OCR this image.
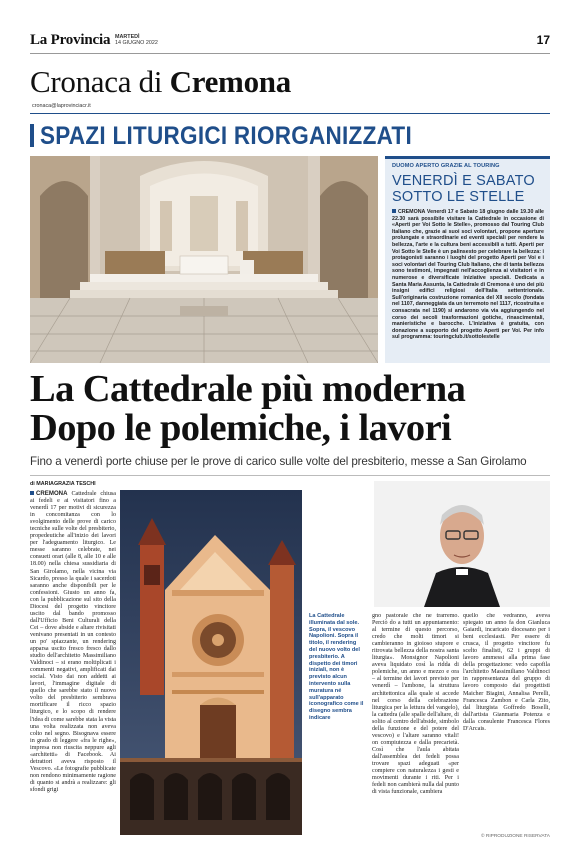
La Provincia MARTEDÌ
14 GIUGNO 2022	17
Cronaca di Cremona
cronaca@laprovinciacr.it
SPAZI LITURGICI RIORGANIZZATI
DUOMO APERTO GRAZIE AL TOURING
VENERDÌ E SABATO
SOTTO LE STELLE
CREMONA Venerdì 17 e Sabato 18 giugno dalle 19.30 alle 22.30 sarà possibile visitare la Cattedrale in occasione di «Aperti per Voi Sotto le Stelle», promosso dal Touring Club Italiano che, grazie ai suoi soci volontari, propone aperture prolungate e straordinarie ed eventi speciali per rendere la bellezza, l'arte e la cultura beni accessibili a tutti. Aperti per Voi Sotto le Stelle è un palinsesto per celebrare la bellezza: i protagonisti saranno i luoghi del progetto Aperti per Voi e i soci volontari del Touring Club Italiano, che di tanta bellezza sono testimoni, impegnati nell'accoglienza ai visitatori e in numerose e diversificate iniziative speciali. Dedicata a Santa Maria Assunta, la Cattedrale di Cremona è uno dei più insigni edifici religiosi dell'Italia settentrionale. Sull'originaria costruzione romanica del XII secolo (fondata nel 1107, danneggiata da un terremoto nel 1117, ricostruita e consacrata nel 1190) si andarono via via aggiungendo nel corso dei secoli trasformazioni gotiche, rinascimentali, manieristiche e barocche. L'iniziativa è gratuita, con donazione a supporto del progetto Aperti per Voi. Per info sul programma: touringclub.it/sottolestelle
La Cattedrale più moderna
Dopo le polemiche, i lavori
Fino a venerdì porte chiuse per le prove di carico sulle volte del presbiterio, messe a San Girolamo
di MARIAGRAZIA TESCHI
CREMONA Cattedrale chiusa ai fedeli e ai visitatori fino a venerdì 17 per motivi di sicurezza in concomitanza con lo svolgimento delle prove di carico tecniche sulle volte del presbiterio, propedeutiche all'inizio dei lavori per l'adeguamento liturgico. Le messe saranno celebrate, nei consueti orari (alle 8, alle 10 e alle 18.00) nella chiesa sussidiaria di San Girolamo, nella vicina via Sicardo, presso la quale i sacerdoti saranno anche disponibili per le confessioni. Giusto un anno fa, con la pubblicazione sul sito della Diocesi del progetto vincitore uscito dal bando promosso dall'Ufficio Beni Culturali della Cei – dove abside e altare rivisitati venivano presentati in un contesto un po' spiazzante, un rendering apparsa uscito fresco fresco dallo studio dell'architetto Massimiliano Valdinoci – si erano moltiplicati i commenti negativi, amplificati dai social. Visto dai non addetti ai lavori, l'immagine digitale di quello che sarebbe stato il nuovo volto del presbiterio sembrava mortificare il ricco spazio liturgico, e lo scopo di rendere l'idea di come sarebbe stata la vista una volta realizzata non aveva colto nel segno. Bisognava essere in grado di leggere «fra le righe», impresa non riuscita neppure agli «architetti» di Facebook. Ai detrattori aveva risposto il Vescovo. «Le fotografie pubblicate non rendono minimamente ragione di quanto si andrà a realizzare: gli sfondi grigi
gno pastorale che ne trarremo. Perciò do a tutti un appuntamento: al termine di questo percorso, credo che molti timori si cambieranno in gioioso stupore e ritrovata bellezza della nostra santa liturgia». Monsignor Napolioni aveva liquidato così la ridda di polemiche, un anno e mezzo e ora – al termine dei lavori previsto per venerdì – l'ambone, la struttura architettonica alla quale si accede nel corso della celebrazione liturgica per la lettura del vangelo), la cattedra (alle spalle dell'altare, di solito al centro dell'abside, simbolo della funzione e del potere del vescovo) e l'altare saranno vitali! on compiutezza e dalla precarietà. Così che l'aula abitata dall'assemblea dei fedeli possa trovare spazi adeguati «per compiere con naturalezza i gesti e movimenti durante i riti. Per i fedeli non cambierà nulla dal punto di vista funzionale, cambiera
La Cattedrale illuminata dal sole. Sopra, il vescovo Napolioni. Sopra il titolo, il rendering del nuovo volto del presbiterio. A dispetto dei timori iniziali, non è previsto alcun intervento sulla muratura né sull'apparato iconografico come il disegno sembra indicare
quello che vedranno, aveva spiegato un anno fa don Gianluca Gaiardi, incaricato diocesano per i beni ecclesiasti. Per essere di crusca, il progetto vincitore fu scelto finalisti, 62 i gruppi di lavoro ammessi alla prima fase della progettazione: vedo capofila l'architetto Massimiliano Valdinoci in rappresentanza del gruppo di lavoro composto dai progettisti Maicher Biagini, Annalisa Perelli, Francesca Zambon e Carla Zito, dal liturgista Goffredo Boselli, dall'artista Gianmaria Potenza e dalla consulente Francesca Flores D'Arcais.
© RIPRODUZIONE RISERVATA
